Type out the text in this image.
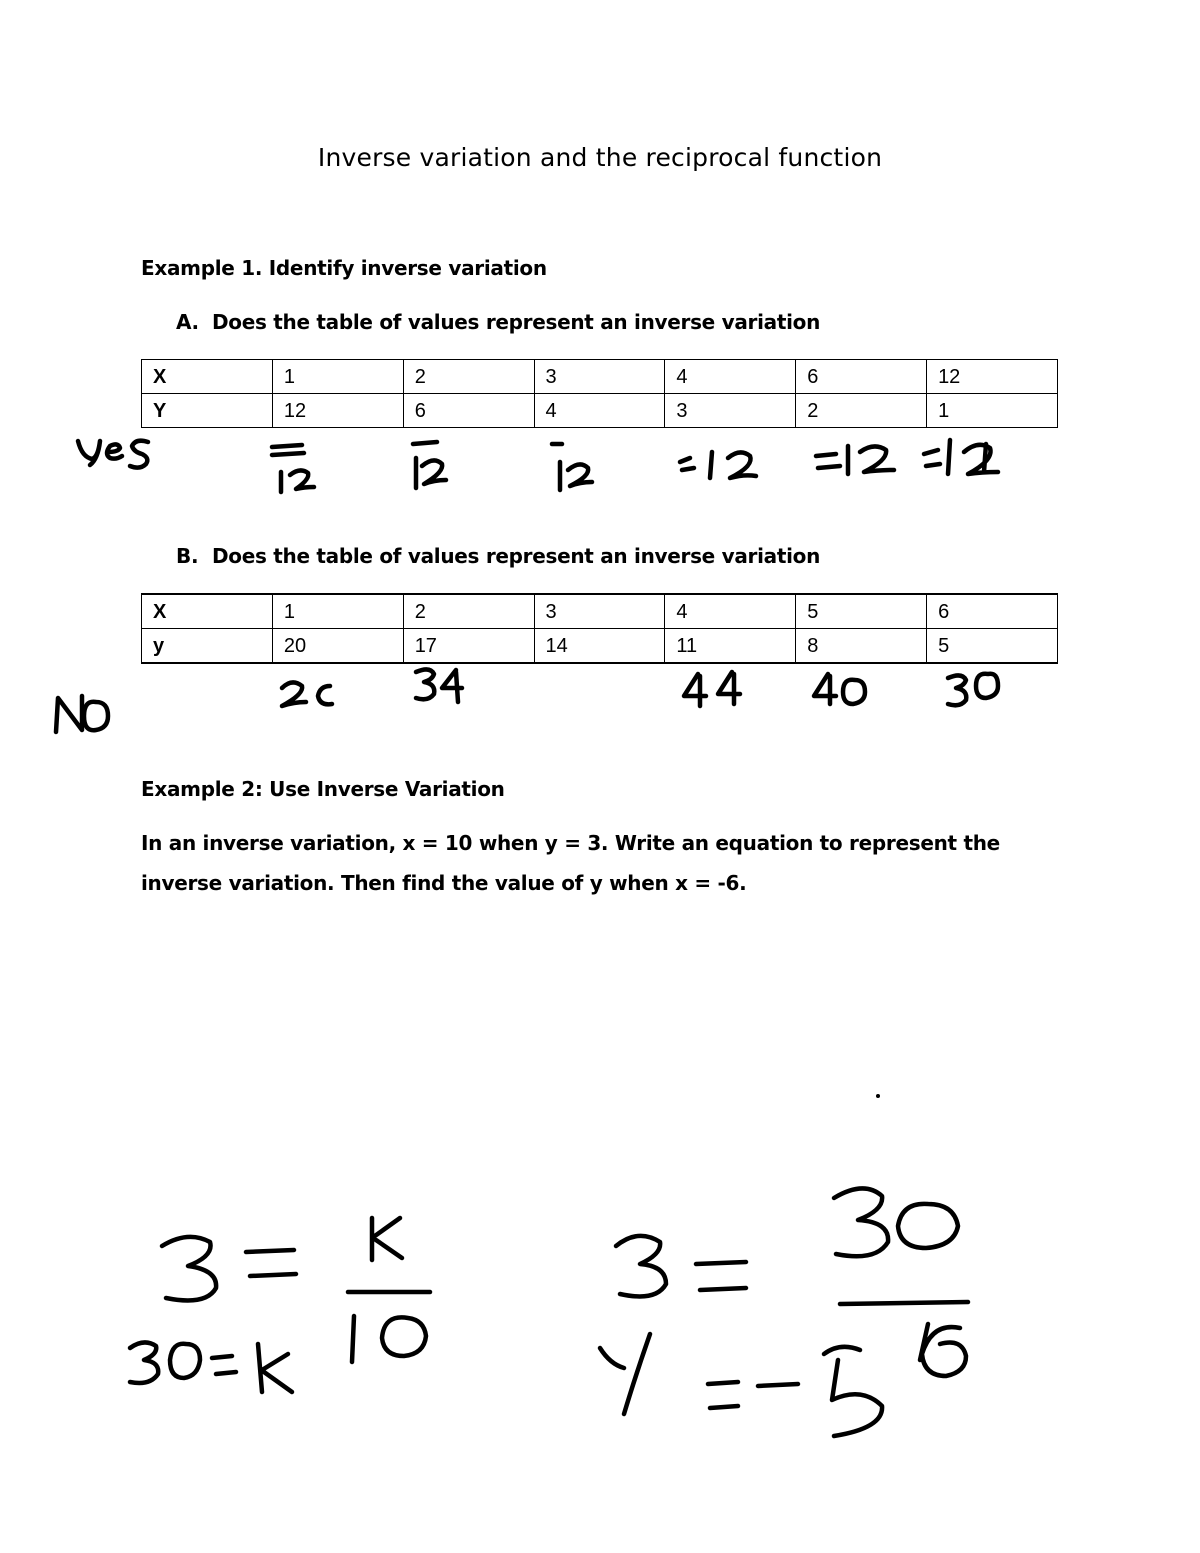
Inverse variation and the reciprocal function
Example 1. Identify inverse variation
A. Does the table of values represent an inverse variation
X	1	2	3	4	6	12
Y	12	6	4	3	2	1
B. Does the table of values represent an inverse variation
X	1	2	3	4	5	6
y	20	17	14	11	8	5
Example 2: Use Inverse Variation
In an inverse variation, x = 10 when y = 3. Write an equation to represent the inverse variation. Then find the value of y when x = -6.
